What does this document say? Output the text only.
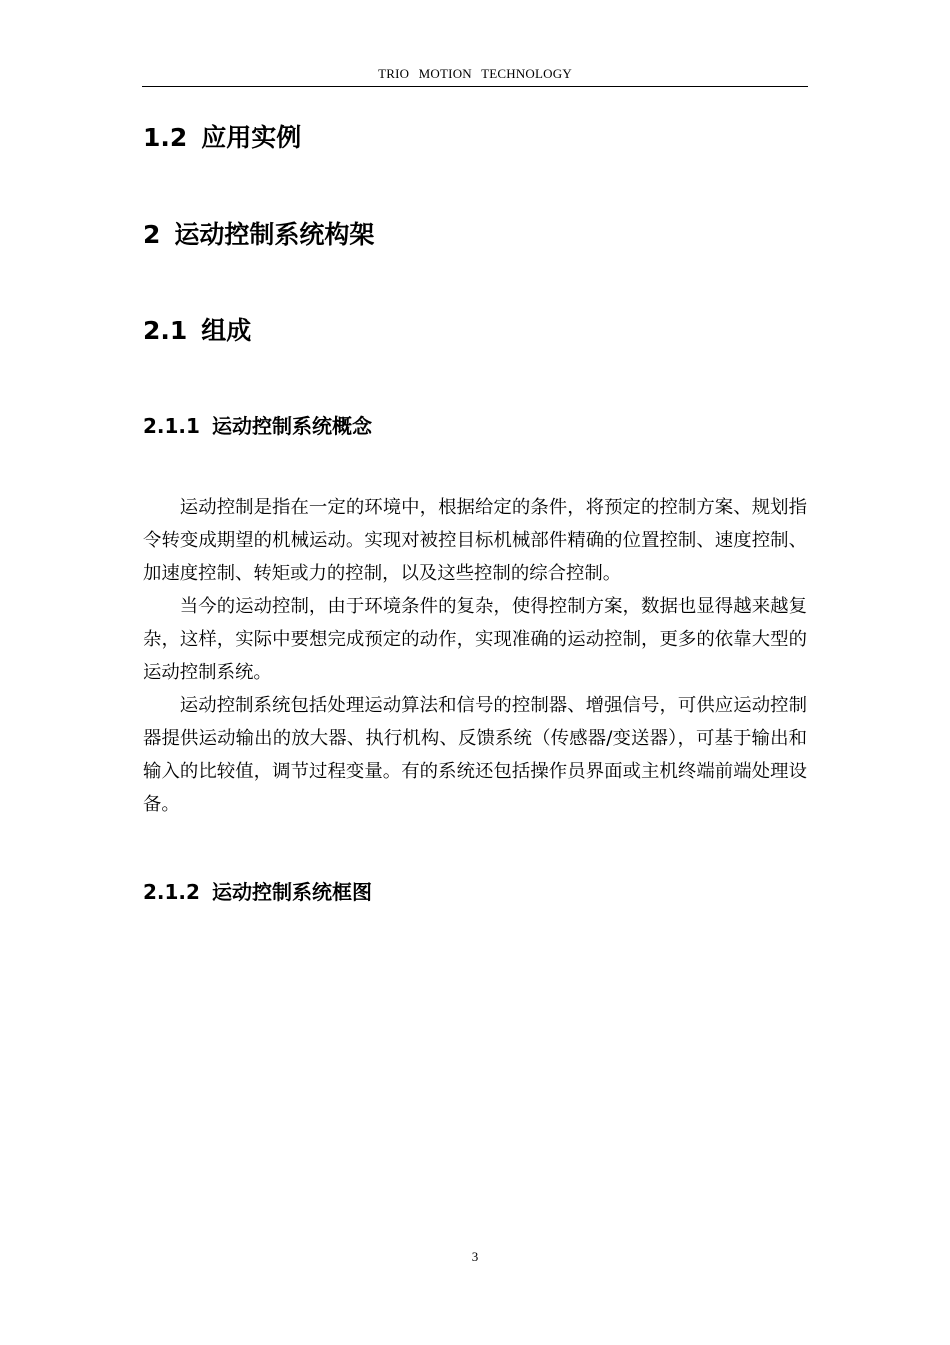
TRIO MOTION TECHNOLOGY
1.2 应用实例
2 运动控制系统构架
2.1 组成
2.1.1 运动控制系统概念

运动控制是指在一定的环境中，根据给定的条件，将预定的控制方案、规划指令转变成期望的机械运动。实现对被控目标机械部件精确的位置控制、速度控制、加速度控制、转矩或力的控制，以及这些控制的综合控制。

当今的运动控制，由于环境条件的复杂，使得控制方案，数据也显得越来越复杂，这样，实际中要想完成预定的动作，实现准确的运动控制，更多的依靠大型的运动控制系统。

运动控制系统包括处理运动算法和信号的控制器、增强信号，可供应运动控制器提供运动输出的放大器、执行机构、反馈系统（传感器/变送器），可基于输出和输入的比较值，调节过程变量。有的系统还包括操作员界面或主机终端前端处理设备。

2.1.2 运动控制系统框图
3
